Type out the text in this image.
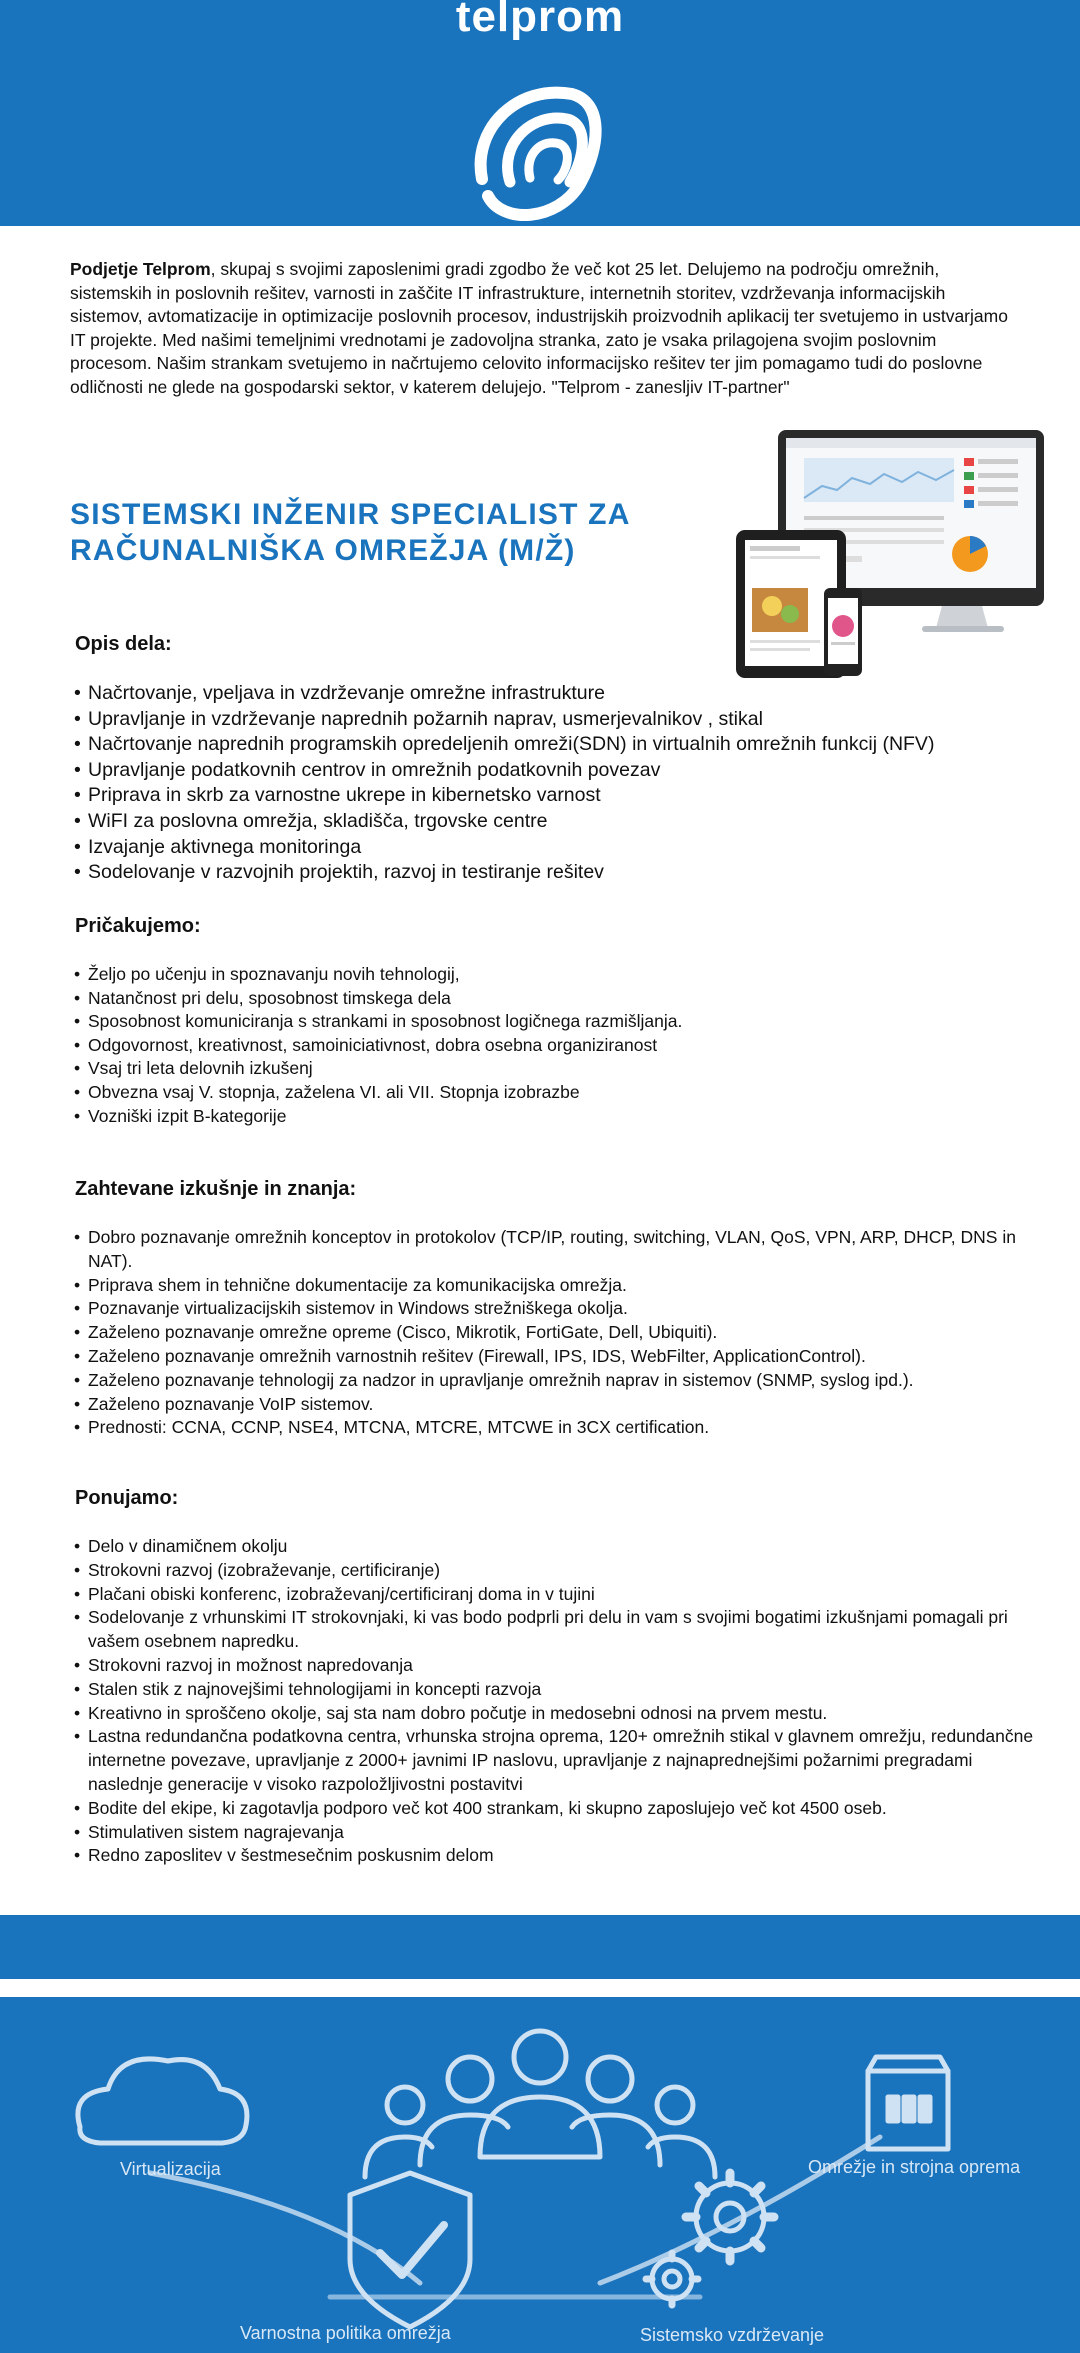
telprom

Podjetje Telprom, skupaj s svojimi zaposlenimi gradi zgodbo že več kot 25 let. Delujemo na področju omrežnih, sistemskih in poslovnih rešitev, varnosti in zaščite IT infrastrukture, internetnih storitev, vzdrževanja informacijskih sistemov, avtomatizacije in optimizacije poslovnih procesov, industrijskih proizvodnih aplikacij ter svetujemo in ustvarjamo IT projekte. Med našimi temeljnimi vrednotami je zadovoljna stranka, zato je vsaka prilagojena svojim poslovnim procesom. Našim strankam svetujemo in načrtujemo celovito informacijsko rešitev ter jim pomagamo tudi do poslovne odličnosti ne glede na gospodarski sektor, v katerem delujejo. "Telprom - zanesljiv IT-partner"

SISTEMSKI INŽENIR SPECIALIST ZA RAČUNALNIŠKA OMREŽJA (M/Ž)
Opis dela:
• Načrtovanje, vpeljava in vzdrževanje omrežne infrastrukture
• Upravljanje in vzdrževanje naprednih požarnih naprav, usmerjevalnikov , stikal
• Načrtovanje naprednih programskih opredeljenih omreži(SDN) in virtualnih omrežnih funkcij (NFV)
• Upravljanje podatkovnih centrov in omrežnih podatkovnih povezav
• Priprava in skrb za varnostne ukrepe in kibernetsko varnost
• WiFI za poslovna omrežja, skladišča, trgovske centre
• Izvajanje aktivnega monitoringa
• Sodelovanje v razvojnih projektih, razvoj in testiranje rešitev
Pričakujemo:
• Željo po učenju in spoznavanju novih tehnologij,
• Natančnost pri delu, sposobnost timskega dela
• Sposobnost komuniciranja s strankami in sposobnost logičnega razmišljanja.
• Odgovornost, kreativnost, samoiniciativnost, dobra osebna organiziranost
• Vsaj tri leta delovnih izkušenj
• Obvezna vsaj V. stopnja, zaželena VI. ali VII. Stopnja izobrazbe
• Vozniški izpit B-kategorije
Zahtevane izkušnje in znanja:
• Dobro poznavanje omrežnih konceptov in protokolov (TCP/IP, routing, switching, VLAN, QoS, VPN, ARP, DHCP, DNS in NAT).
• Priprava shem in tehnične dokumentacije za komunikacijska omrežja.
• Poznavanje virtualizacijskih sistemov in Windows strežniškega okolja.
• Zaželeno poznavanje omrežne opreme (Cisco, Mikrotik, FortiGate, Dell, Ubiquiti).
• Zaželeno poznavanje omrežnih varnostnih rešitev (Firewall, IPS, IDS, WebFilter, ApplicationControl).
• Zaželeno poznavanje tehnologij za nadzor in upravljanje omrežnih naprav in sistemov (SNMP, syslog ipd.).
• Zaželeno poznavanje VoIP sistemov.
• Prednosti: CCNA, CCNP, NSE4, MTCNA, MTCRE, MTCWE in 3CX certification.
Ponujamo:
• Delo v dinamičnem okolju
• Strokovni razvoj (izobraževanje, certificiranje)
• Plačani obiski konferenc, izobraževanj/certificiranj doma in v tujini
• Sodelovanje z vrhunskimi IT strokovnjaki, ki vas bodo podprli pri delu in vam s svojimi bogatimi izkušnjami pomagali pri vašem osebnem napredku.
• Strokovni razvoj in možnost napredovanja
• Stalen stik z najnovejšimi tehnologijami in koncepti razvoja
• Kreativno in sproščeno okolje, saj sta nam dobro počutje in medosebni odnosi na prvem mestu.
• Lastna redundančna podatkovna centra, vrhunska strojna oprema, 120+ omrežnih stikal v glavnem omrežju, redundančne internetne povezave, upravljanje z 2000+ javnimi IP naslovu, upravljanje z najnaprednejšimi požarnimi pregradami naslednje generacije v visoko razpoložljivostni postavitvi
• Bodite del ekipe, ki zagotavlja podporo več kot 400 strankam, ki skupno zaposlujejo več kot 4500 oseb.
• Stimulativen sistem nagrajevanja
• Redno zaposlitev v šestmesečnim poskusnim delom
Virtualizacija	Omrežje in strojna oprema
Varnostna politika omrežja	Sistemsko vzdrževanje
